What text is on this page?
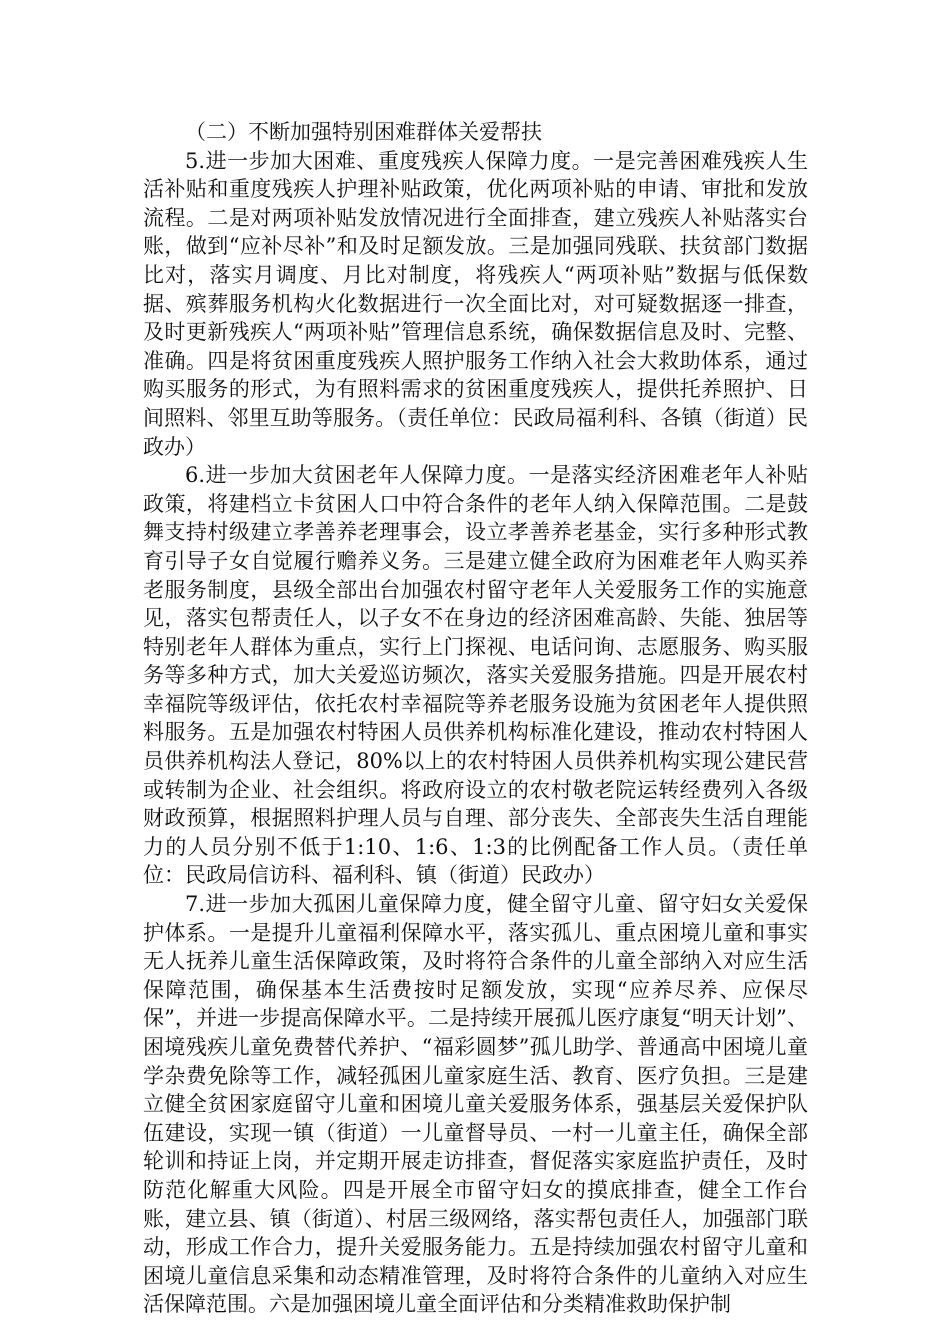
（二）不断加强特别困难群体关爱帮扶

5.进一步加大困难、重度残疾人保障力度。一是完善困难残疾人生活补贴和重度残疾人护理补贴政策，优化两项补贴的申请、审批和发放流程。二是对两项补贴发放情况进行全面排查，建立残疾人补贴落实台账，做到“应补尽补”和及时足额发放。三是加强同残联、扶贫部门数据比对，落实月调度、月比对制度，将残疾人“两项补贴”数据与低保数据、殡葬服务机构火化数据进行一次全面比对，对可疑数据逐一排查，及时更新残疾人“两项补贴”管理信息系统，确保数据信息及时、完整、准确。四是将贫困重度残疾人照护服务工作纳入社会大救助体系，通过购买服务的形式，为有照料需求的贫困重度残疾人，提供托养照护、日间照料、邻里互助等服务。（责任单位：民政局福利科、各镇（街道）民政办）

6.进一步加大贫困老年人保障力度。一是落实经济困难老年人补贴政策，将建档立卡贫困人口中符合条件的老年人纳入保障范围。二是鼓舞支持村级建立孝善养老理事会，设立孝善养老基金，实行多种形式教育引导子女自觉履行赡养义务。三是建立健全政府为困难老年人购买养老服务制度，县级全部出台加强农村留守老年人关爱服务工作的实施意见，落实包帮责任人，以子女不在身边的经济困难高龄、失能、独居等特别老年人群体为重点，实行上门探视、电话问询、志愿服务、购买服务等多种方式，加大关爱巡访频次，落实关爱服务措施。四是开展农村幸福院等级评估，依托农村幸福院等养老服务设施为贫困老年人提供照料服务。五是加强农村特困人员供养机构标准化建设，推动农村特困人员供养机构法人登记，80%以上的农村特困人员供养机构实现公建民营或转制为企业、社会组织。将政府设立的农村敬老院运转经费列入各级财政预算，根据照料护理人员与自理、部分丧失、全部丧失生活自理能力的人员分别不低于1:10、1:6、1:3的比例配备工作人员。（责任单位：民政局信访科、福利科、镇（街道）民政办）

7.进一步加大孤困儿童保障力度，健全留守儿童、留守妇女关爱保护体系。一是提升儿童福利保障水平，落实孤儿、重点困境儿童和事实无人抚养儿童生活保障政策，及时将符合条件的儿童全部纳入对应生活保障范围，确保基本生活费按时足额发放，实现“应养尽养、应保尽保”，并进一步提高保障水平。二是持续开展孤儿医疗康复“明天计划”、困境残疾儿童免费替代养护、“福彩圆梦”孤儿助学、普通高中困境儿童学杂费免除等工作，减轻孤困儿童家庭生活、教育、医疗负担。三是建立健全贫困家庭留守儿童和困境儿童关爱服务体系，强基层关爱保护队伍建设，实现一镇（街道）一儿童督导员、一村一儿童主任，确保全部轮训和持证上岗，并定期开展走访排查，督促落实家庭监护责任，及时防范化解重大风险。四是开展全市留守妇女的摸底排查，健全工作台账，建立县、镇（街道）、村居三级网络，落实帮包责任人，加强部门联动，形成工作合力，提升关爱服务能力。五是持续加强农村留守儿童和困境儿童信息采集和动态精准管理，及时将符合条件的儿童纳入对应生活保障范围。六是加强困境儿童全面评估和分类精准救助保护制
